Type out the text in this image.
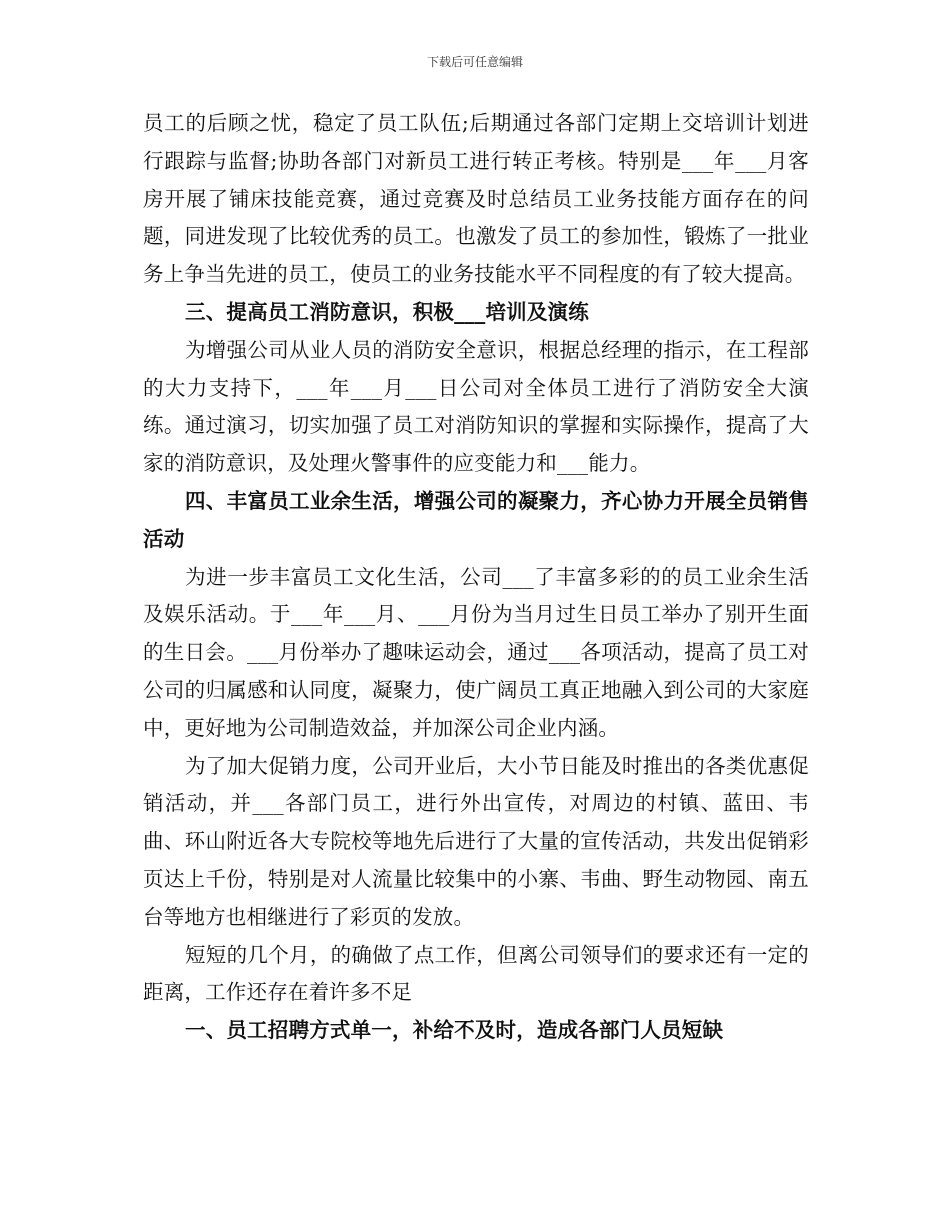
下载后可任意编辑

员工的后顾之忧，稳定了员工队伍;后期通过各部门定期上交培训计划进行跟踪与监督;协助各部门对新员工进行转正考核。特别是___年___月客房开展了铺床技能竞赛，通过竞赛及时总结员工业务技能方面存在的问题，同进发现了比较优秀的员工。也激发了员工的参加性，锻炼了一批业务上争当先进的员工，使员工的业务技能水平不同程度的有了较大提高。

三、提高员工消防意识，积极___培训及演练

为增强公司从业人员的消防安全意识，根据总经理的指示，在工程部的大力支持下，___年___月___日公司对全体员工进行了消防安全大演练。通过演习，切实加强了员工对消防知识的掌握和实际操作，提高了大家的消防意识，及处理火警事件的应变能力和___能力。

四、丰富员工业余生活，增强公司的凝聚力，齐心协力开展全员销售活动

为进一步丰富员工文化生活，公司___了丰富多彩的的员工业余生活及娱乐活动。于___年___月、___月份为当月过生日员工举办了别开生面的生日会。___月份举办了趣味运动会，通过___各项活动，提高了员工对公司的归属感和认同度，凝聚力，使广阔员工真正地融入到公司的大家庭中，更好地为公司制造效益，并加深公司企业内涵。

为了加大促销力度，公司开业后，大小节日能及时推出的各类优惠促销活动，并___各部门员工，进行外出宣传，对周边的村镇、蓝田、韦曲、环山附近各大专院校等地先后进行了大量的宣传活动，共发出促销彩页达上千份，特别是对人流量比较集中的小寨、韦曲、野生动物园、南五台等地方也相继进行了彩页的发放。

短短的几个月，的确做了点工作，但离公司领导们的要求还有一定的距离，工作还存在着许多不足

一、员工招聘方式单一，补给不及时，造成各部门人员短缺
